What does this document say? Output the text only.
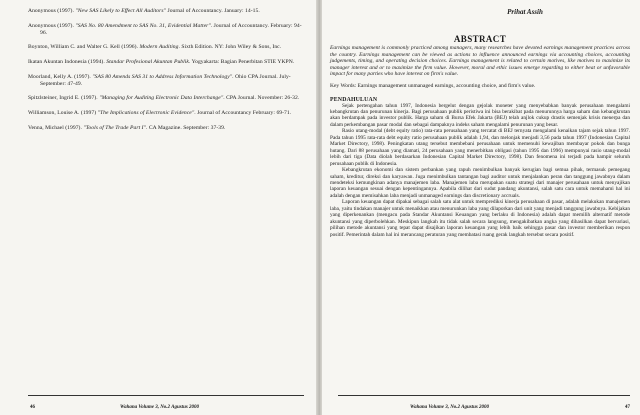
Anonymous (1997). "New SAS Likely to Effect All Auditors" Journal of Accountancy. January: 14-15.

Anonymous (1997). "SAS No. 80 Amendment to SAS No. 31, Evidential Matter". Journal of Accountancy. February: 94-96.

Boynton, William C. and Walter G. Kell (1996). Modern Auditing. Sixth Edition. NY: John Wiley & Sons, Inc.

Ikatan Akuntan Indonesia (1994). Standar Profesional Akuntan Publik. Yogyakarta: Bagian Penerbitan STIE YKPN.

Moorland, Kelly A. (1997). "SAS 80 Amends SAS 31 to Address Information Technology". Ohio CPA Journal. July-September: 47-49.

Spitzlsteiner, Ingrid E. (1997). "Managing for Auditing Electronic Data Interchange". CPA Journal. November: 26-32.

Williamson, Louise A. (1997) "The Implications of Electronic Evidence". Journal of Accountancy February: 69-71.

Venna, Michael (1997). "Tools of The Trade Part I". CA Magazine. September: 37-39.

Prihat Assih
ABSTRACT

Earnings management is commonly practiced among managers, many researches have devoted earnings management practices across the country. Earnings management can be viewed as actions to influence announced earnings via accounting choices, accounting judgements, timing, and operating decision choices. Earnings management is related to certain motives, like motives to maximize its manager interest and or to maximize the firm value. However, moral and ethic issues emerge regarding to either beat or unfavorable impact for many parties who have interest on firm's value.

Key Words: Earnings management unmanaged earnings, accounting choice, and firm's value.

PENDAHULUAN

Sejak pertengahan tahun 1997, Indonesia bergelut dengan gejolak moneter yang menyebabkan banyak perusahaan mengalami kebangkrutan dan penurunan kinerja. Bagi perusahaan publik peristiwa ini bisa berakibat pada menurunnya harga saham dan kebangkrutan akan berdampak pada investor publik. Harga saham di Bursa Efek Jakarta (BEJ) telah anjlok cukup drastis semenjak krisis menerpa dan dalam perkembangan pasar modal dan sebagai dampaknya indeks saham mengalami penurunan yang besar.

Rasio utang-modal (debt equity ratio) rata-rata perusahaan yang tercatat di BEJ ternyata mengalami kenaikan tajam sejak tahun 1997. Pada tahun 1995 rata-rata debt equity ratio perusahaan publik adalah 1,94, dan melonjak menjadi 3,56 pada tahun 1997 (Indonesian Capital Market Directory, 1998). Peningkatan utang tersebut membebani perusahaan untuk memenuhi kewajiban membayar pokok dan bunga hutang. Dari 88 perusahaan yang diamati, 24 perusahaan yang menerbitkan obligasi (tahun 1995 dan 1996) mempunyai rasio utang-modal lebih dari tiga (Data diolah berdasarkan Indonesian Capital Market Directory, 1998). Dan fenomena ini terjadi pada hampir seluruh perusahaan publik di Indonesia.

Kebangkrutan ekonomi dan sistem perbankan yang rapuh menimbulkan banyak kerugian bagi semua pihak, termasuk pemegang saham, kreditur, direksi dan karyawan. Juga menimbulkan tantangan bagi auditor untuk menjalankan peran dan tanggung jawabnya dalam mendeteksi kemungkinan adanya manajemen laba. Manajemen laba merupakan suatu strategi dari manajer perusahaan untuk menyajikan laporan keuangan sesuai dengan kepentingannya. Apabila dilihat dari sudut pandang akuntansi, salah satu cara untuk memahami hal ini adalah dengan memisahkan laba menjadi unmanaged earnings dan discretionary accruals.

Laporan keuangan dapat dipakai sebagai salah satu alat untuk memprediksi kinerja perusahaan di pasar, adalah melakukan manajemen laba, yaitu tindakan manajer untuk menaikkan atau menurunkan laba yang dilaporkan dari unit yang menjadi tanggung jawabnya. Kebijakan yang diperkenankan (mengacu pada Standar Akuntansi Keuangan yang berlaku di Indonesia) adalah dapat memilih alternatif metode akuntansi yang diperbolehkan. Meskipun langkah itu tidak salah secara langsung, mengakibatkan angka yang dihasilkan dapat bervariasi, pilihan metode akuntansi yang tepat dapat disajikan laporan keuangan yang lebih baik sehingga pasar dan investor memberikan respon positif. Pemerintah dalam hal ini merancang peraturan yang membatasi ruang gerak langkah tersebut secara positif.

46	Wahana Volume 3, No.2 Agustus 2000	Wahana Volume 3, No.2 Agustus 2000	47
